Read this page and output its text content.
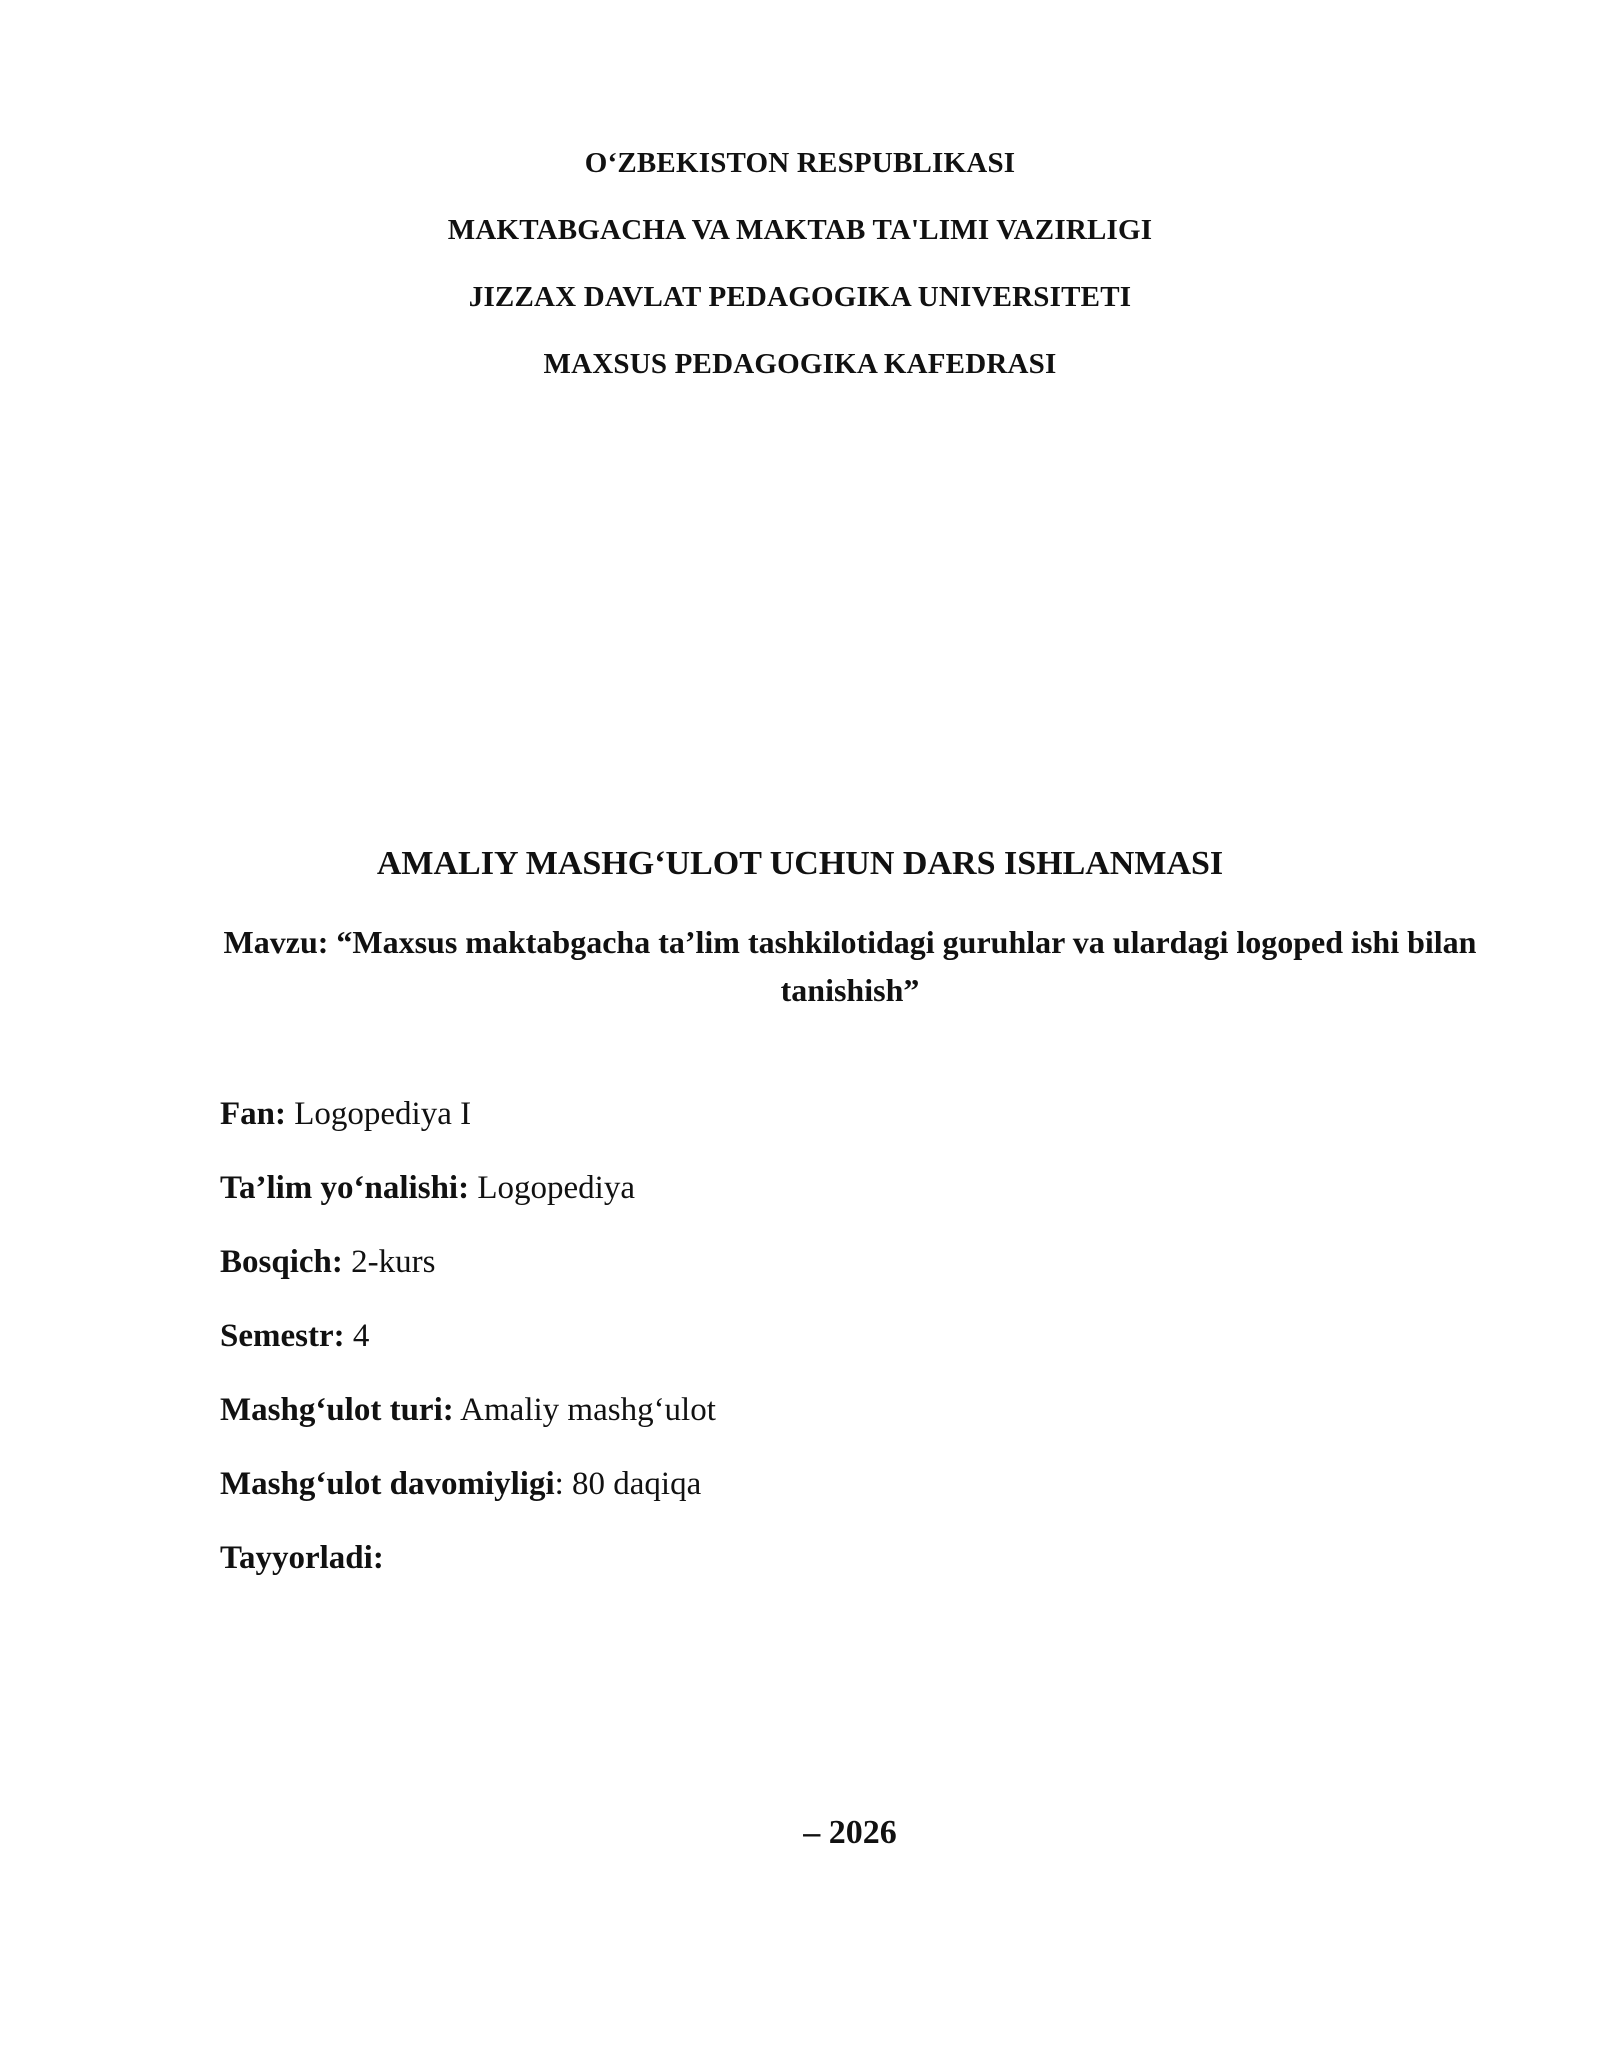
O‘ZBEKISTON RESPUBLIKASI
MAKTABGACHA VA MAKTAB TA'LIMI VAZIRLIGI
JIZZAX DAVLAT PEDAGOGIKA UNIVERSITETI
MAXSUS PEDAGOGIKA KAFEDRASI
AMALIY MASHG‘ULOT UCHUN DARS ISHLANMASI
Mavzu: “Maxsus maktabgacha ta’lim tashkilotidagi guruhlar va ulardagi logoped ishi bilan tanishish”
Fan: Logopediya I
Ta’lim yo‘nalishi: Logopediya
Bosqich: 2-kurs
Semestr: 4
Mashg‘ulot turi: Amaliy mashg‘ulot
Mashg‘ulot davomiyligi: 80 daqiqa
Tayyorladi:
– 2026
